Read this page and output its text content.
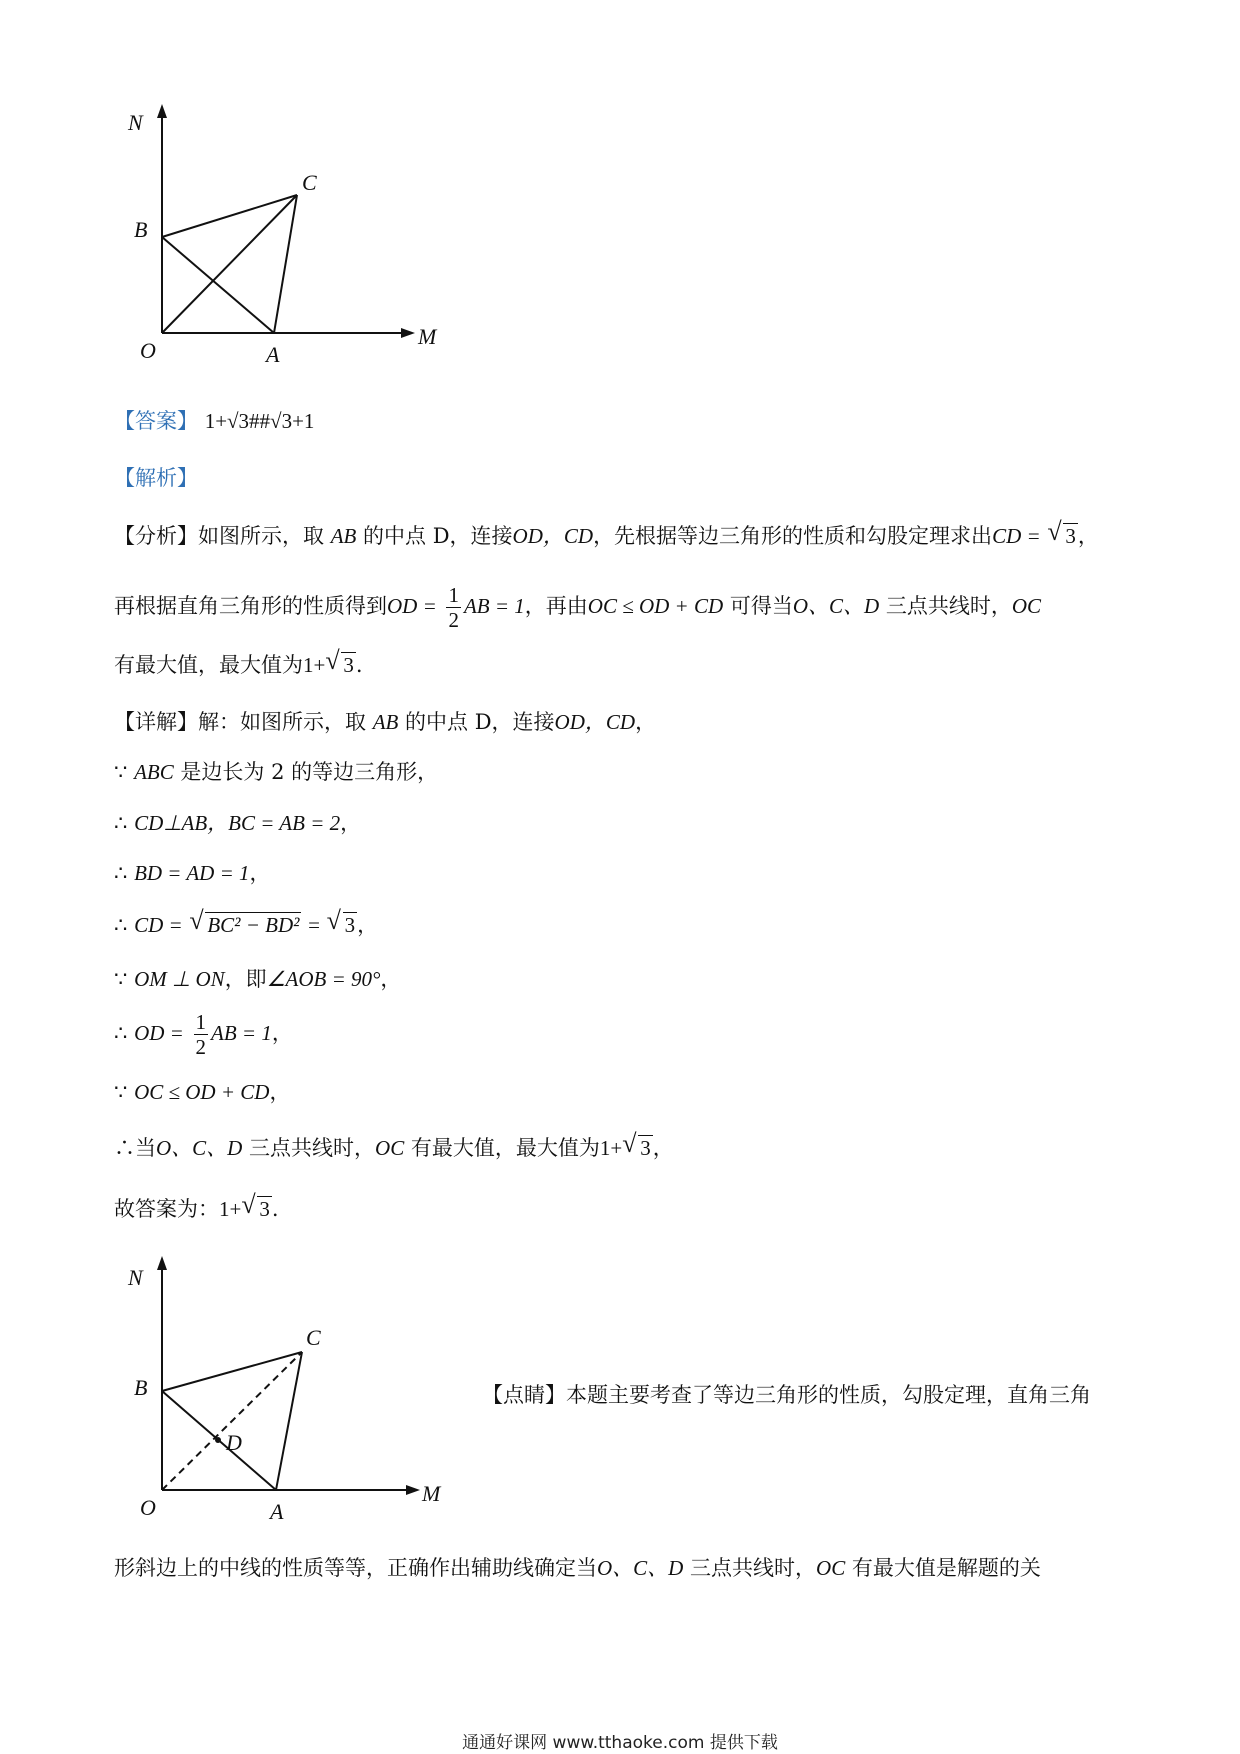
N
C
B
O	A
M
【答案】 1+√3##√3+1
【解析】
【分析】如图所示，取 AB 的中点 D，连接OD，CD，先根据等边三角形的性质和勾股定理求出CD = √ 3，
再根据直角三角形的性质得到OD = $\frac{1}{2}$ AB = 1，再由OC ≤ OD + CD 可得当O、C、D 三点共线时，OC
有最大值，最大值为1+ √ 3.
【详解】解：如图所示，取 AB 的中点 D，连接OD，CD，
∵ ABC 是边长为 2 的等边三角形，
∴ CD⊥AB，BC = AB = 2，
∴ BD = AD = 1，
∴ CD = √ BC² − BD² = √ 3，
∵ OM ⊥ ON，即∠AOB = 90°，
∴ OD = $\frac{1}{2}$ AB = 1，
∵ OC ≤ OD + CD，
∴当O、C、D 三点共线时，OC 有最大值，最大值为1+ √ 3，
故答案为：1+ √ 3.
N
C
B
D
O	A
M
【点睛】本题主要考查了等边三角形的性质，勾股定理，直角三角
形斜边上的中线的性质等等，正确作出辅助线确定当O、C、D 三点共线时，OC 有最大值是解题的关
通通好课网 www.tthaoke.com 提供下载
